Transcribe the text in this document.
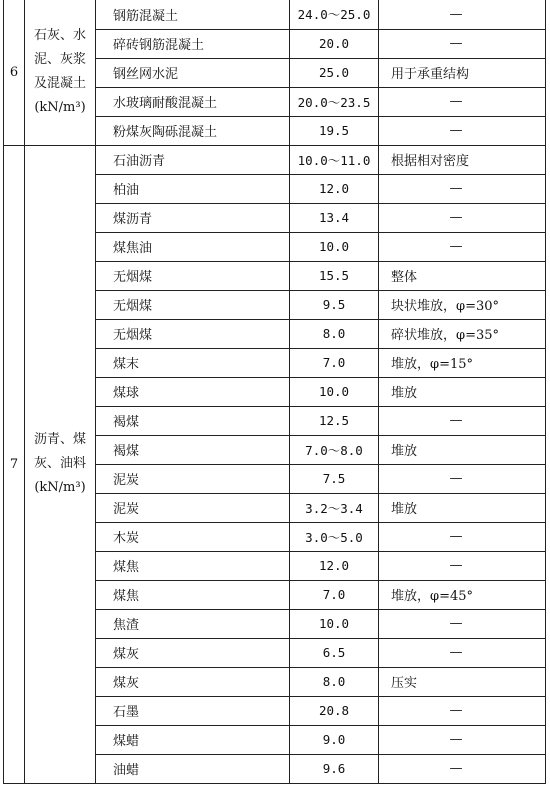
6	石灰、水
泥、灰浆
及混凝土
(kN/m³)	钢筋混凝土	24.0～25.0	—
		碎砖钢筋混凝土	20.0	—
		钢丝网水泥	25.0	用于承重结构
		水玻璃耐酸混凝土	20.0～23.5	—
		粉煤灰陶砾混凝土	19.5	—
7	沥青、煤
灰、油料
(kN/m³)	石油沥青	10.0～11.0	根据相对密度
		柏油	12.0	—
		煤沥青	13.4	—
		煤焦油	10.0	—
		无烟煤	15.5	整体
		无烟煤	9.5	块状堆放，φ=30°
		无烟煤	8.0	碎状堆放，φ=35°
		煤末	7.0	堆放，φ=15°
		煤球	10.0	堆放
		褐煤	12.5	—
		褐煤	7.0～8.0	堆放
		泥炭	7.5	—
		泥炭	3.2～3.4	堆放
		木炭	3.0～5.0	—
		煤焦	12.0	—
		煤焦	7.0	堆放，φ=45°
		焦渣	10.0	—
		煤灰	6.5	—
		煤灰	8.0	压实
		石墨	20.8	—
		煤蜡	9.0	—
		油蜡	9.6	—
